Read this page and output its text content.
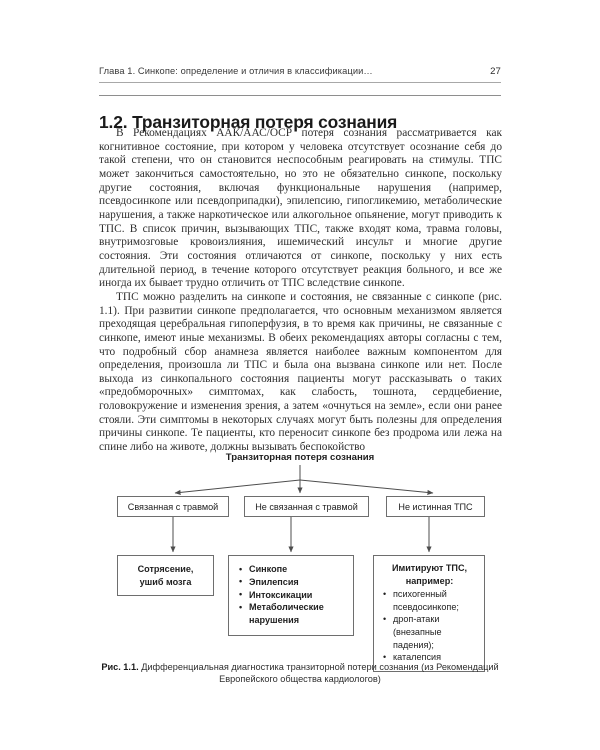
Глава 1. Синкопе: определение и отличия в классификации…	27
1.2. Транзиторная потеря сознания

В Рекомендациях ААК/ААС/ОСР потеря сознания рассматривается как когнитивное состояние, при котором у человека отсутствует осознание себя до такой степени, что он становится неспособным реагировать на стимулы. ТПС может закончиться самостоятельно, но это не обязательно синкопе, поскольку другие состояния, включая функциональные нарушения (например, псевдосинкопе или псевдоприпадки), эпилепсию, гипогликемию, метаболические нарушения, а также наркотическое или алкогольное опьянение, могут приводить к ТПС. В список причин, вызывающих ТПС, также входят кома, травма головы, внутримозговые кровоизлияния, ишемический инсульт и многие другие состояния. Эти состояния отличаются от синкопе, поскольку у них есть длительной период, в течение которого отсутствует реакция больного, и все же иногда их бывает трудно отличить от ТПС вследствие синкопе.

ТПС можно разделить на синкопе и состояния, не связанные с синкопе (рис. 1.1). При развитии синкопе предполагается, что основным механизмом является преходящая церебральная гипоперфузия, в то время как причины, не связанные с синкопе, имеют иные механизмы. В обеих рекомендациях авторы согласны с тем, что подробный сбор анамнеза является наиболее важным компонентом для определения, произошла ли ТПС и была она вызвана синкопе или нет. После выхода из синкопального состояния пациенты могут рассказывать о таких «предобморочных» симптомах, как слабость, тошнота, сердцебиение, головокружение и изменения зрения, а затем «очнуться на земле», если они ранее стояли. Эти симптомы в некоторых случаях могут быть полезны для определения причины синкопе. Те пациенты, кто переносит синкопе без продрома или лежа на спине либо на животе, должны вызывать беспокойство

Транзиторная потеря сознания
Связанная с травмой	Не связанная с травмой	Не истинная ТПС
Сотрясение,
ушиб мозга
• Синкопе
• Эпилепсия
• Интоксикации
• Метаболические нарушения
Имитируют ТПС,
например:
• психогенный псевдосинкопе;
• дроп-атаки (внезапные падения);
• каталепсия
Рис. 1.1. Дифференциальная диагностика транзиторной потери сознания (из Рекомендаций Европейского общества кардиологов)
